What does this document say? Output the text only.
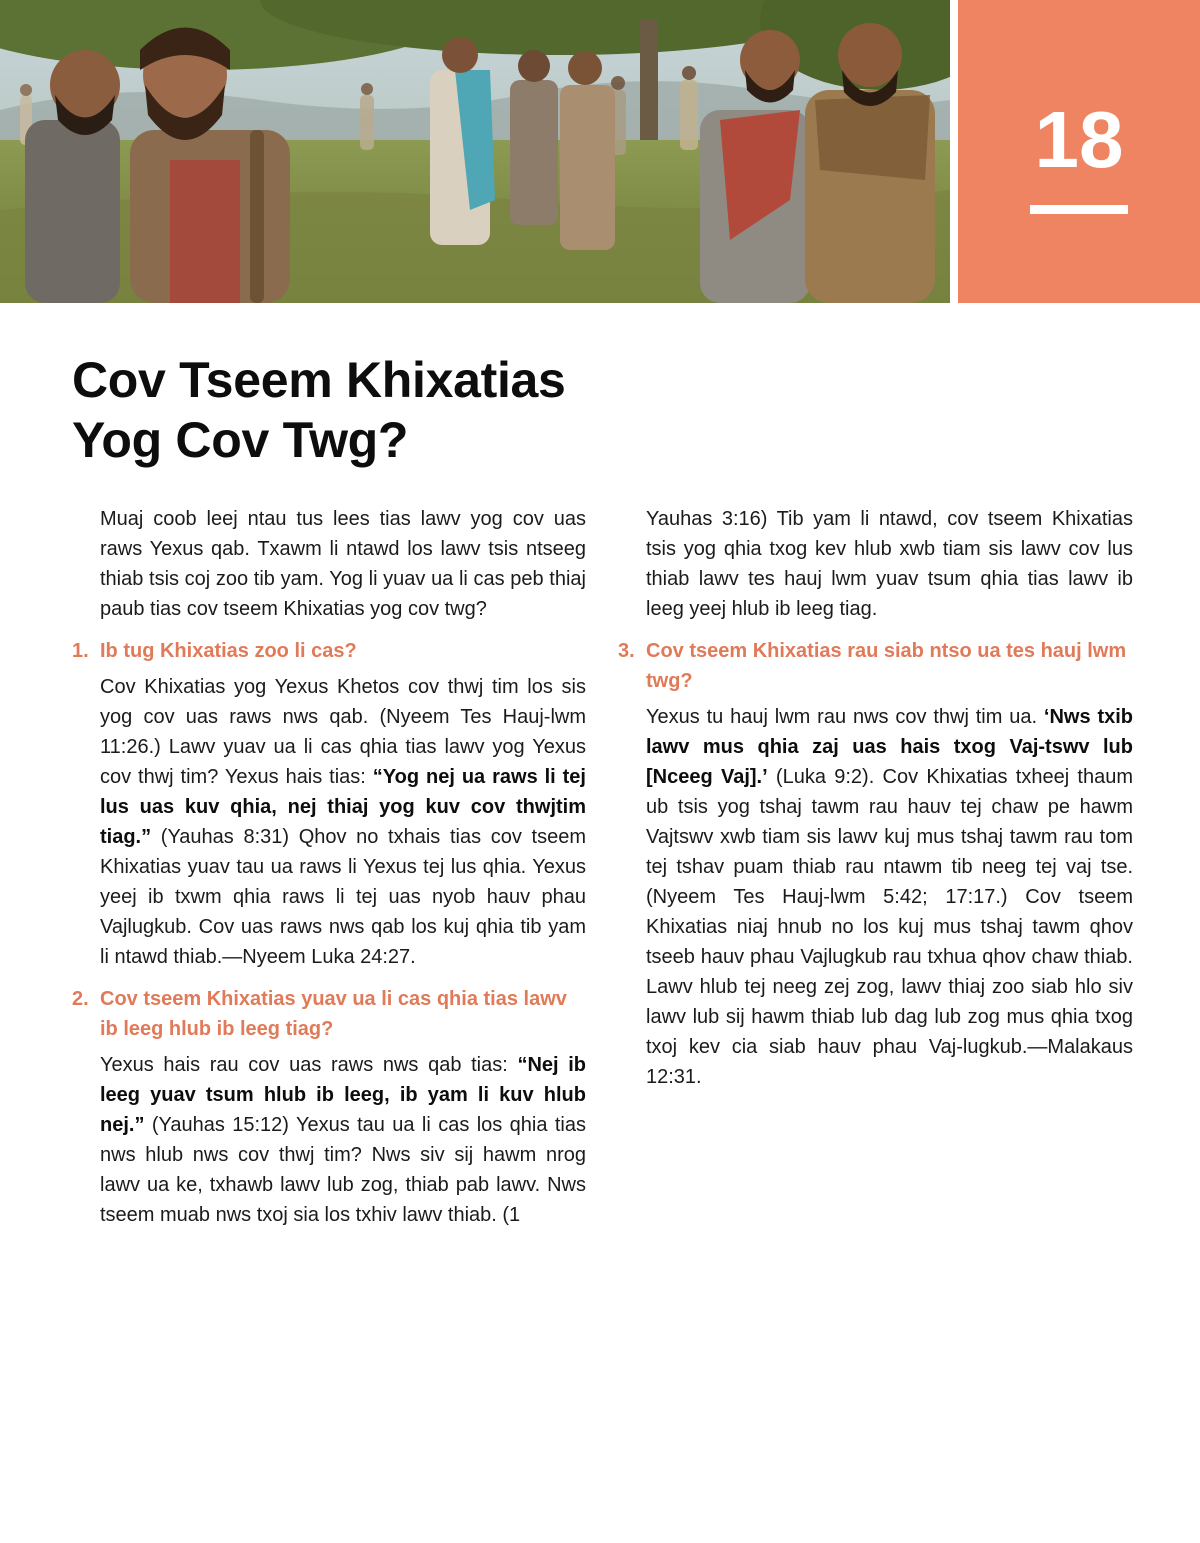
18
Cov Tseem Khixatias
Yog Cov Twg?

Muaj coob leej ntau tus lees tias lawv yog cov uas raws Yexus qab. Txawm li ntawd los lawv tsis ntseeg thiab tsis coj zoo tib yam. Yog li yuav ua li cas peb thiaj paub tias cov tseem Khixatias yog cov twg?

1. Ib tug Khixatias zoo li cas?

Cov Khixatias yog Yexus Khetos cov thwj tim los sis yog cov uas raws nws qab. (Nyeem Tes Hauj-lwm 11:26.) Lawv yuav ua li cas qhia tias lawv yog Yexus cov thwj tim? Yexus hais tias: “Yog nej ua raws li tej lus uas kuv qhia, nej thiaj yog kuv cov thwjtim tiag.” (Yauhas 8:31) Qhov no txhais tias cov tseem Khixatias yuav tau ua raws li Yexus tej lus qhia. Yexus yeej ib txwm qhia raws li tej uas nyob hauv phau Vajlugkub. Cov uas raws nws qab los kuj qhia tib yam li ntawd thiab.—Nyeem Luka 24:27.

2. Cov tseem Khixatias yuav ua li cas qhia tias lawv ib leeg hlub ib leeg tiag?

Yexus hais rau cov uas raws nws qab tias: “Nej ib leeg yuav tsum hlub ib leeg, ib yam li kuv hlub nej.” (Yauhas 15:12) Yexus tau ua li cas los qhia tias nws hlub nws cov thwj tim? Nws siv sij hawm nrog lawv ua ke, txhawb lawv lub zog, thiab pab lawv. Nws tseem muab nws txoj sia los txhiv lawv thiab. (1

Yauhas 3:16) Tib yam li ntawd, cov tseem Khixatias tsis yog qhia txog kev hlub xwb tiam sis lawv cov lus thiab lawv tes hauj lwm yuav tsum qhia tias lawv ib leeg yeej hlub ib leeg tiag.

3. Cov tseem Khixatias rau siab ntso ua tes hauj lwm twg?

Yexus tu hauj lwm rau nws cov thwj tim ua. ‘Nws txib lawv mus qhia zaj uas hais txog Vaj-tswv lub [Nceeg Vaj].’ (Luka 9:2). Cov Khixatias txheej thaum ub tsis yog tshaj tawm rau hauv tej chaw pe hawm Vajtswv xwb tiam sis lawv kuj mus tshaj tawm rau tom tej tshav puam thiab rau ntawm tib neeg tej vaj tse. (Nyeem Tes Hauj-lwm 5:42; 17:17.) Cov tseem Khixatias niaj hnub no los kuj mus tshaj tawm qhov tseeb hauv phau Vajlugkub rau txhua qhov chaw thiab. Lawv hlub tej neeg zej zog, lawv thiaj zoo siab hlo siv lawv lub sij hawm thiab lub dag lub zog mus qhia txog txoj kev cia siab hauv phau Vaj-lugkub.—Malakaus 12:31.
